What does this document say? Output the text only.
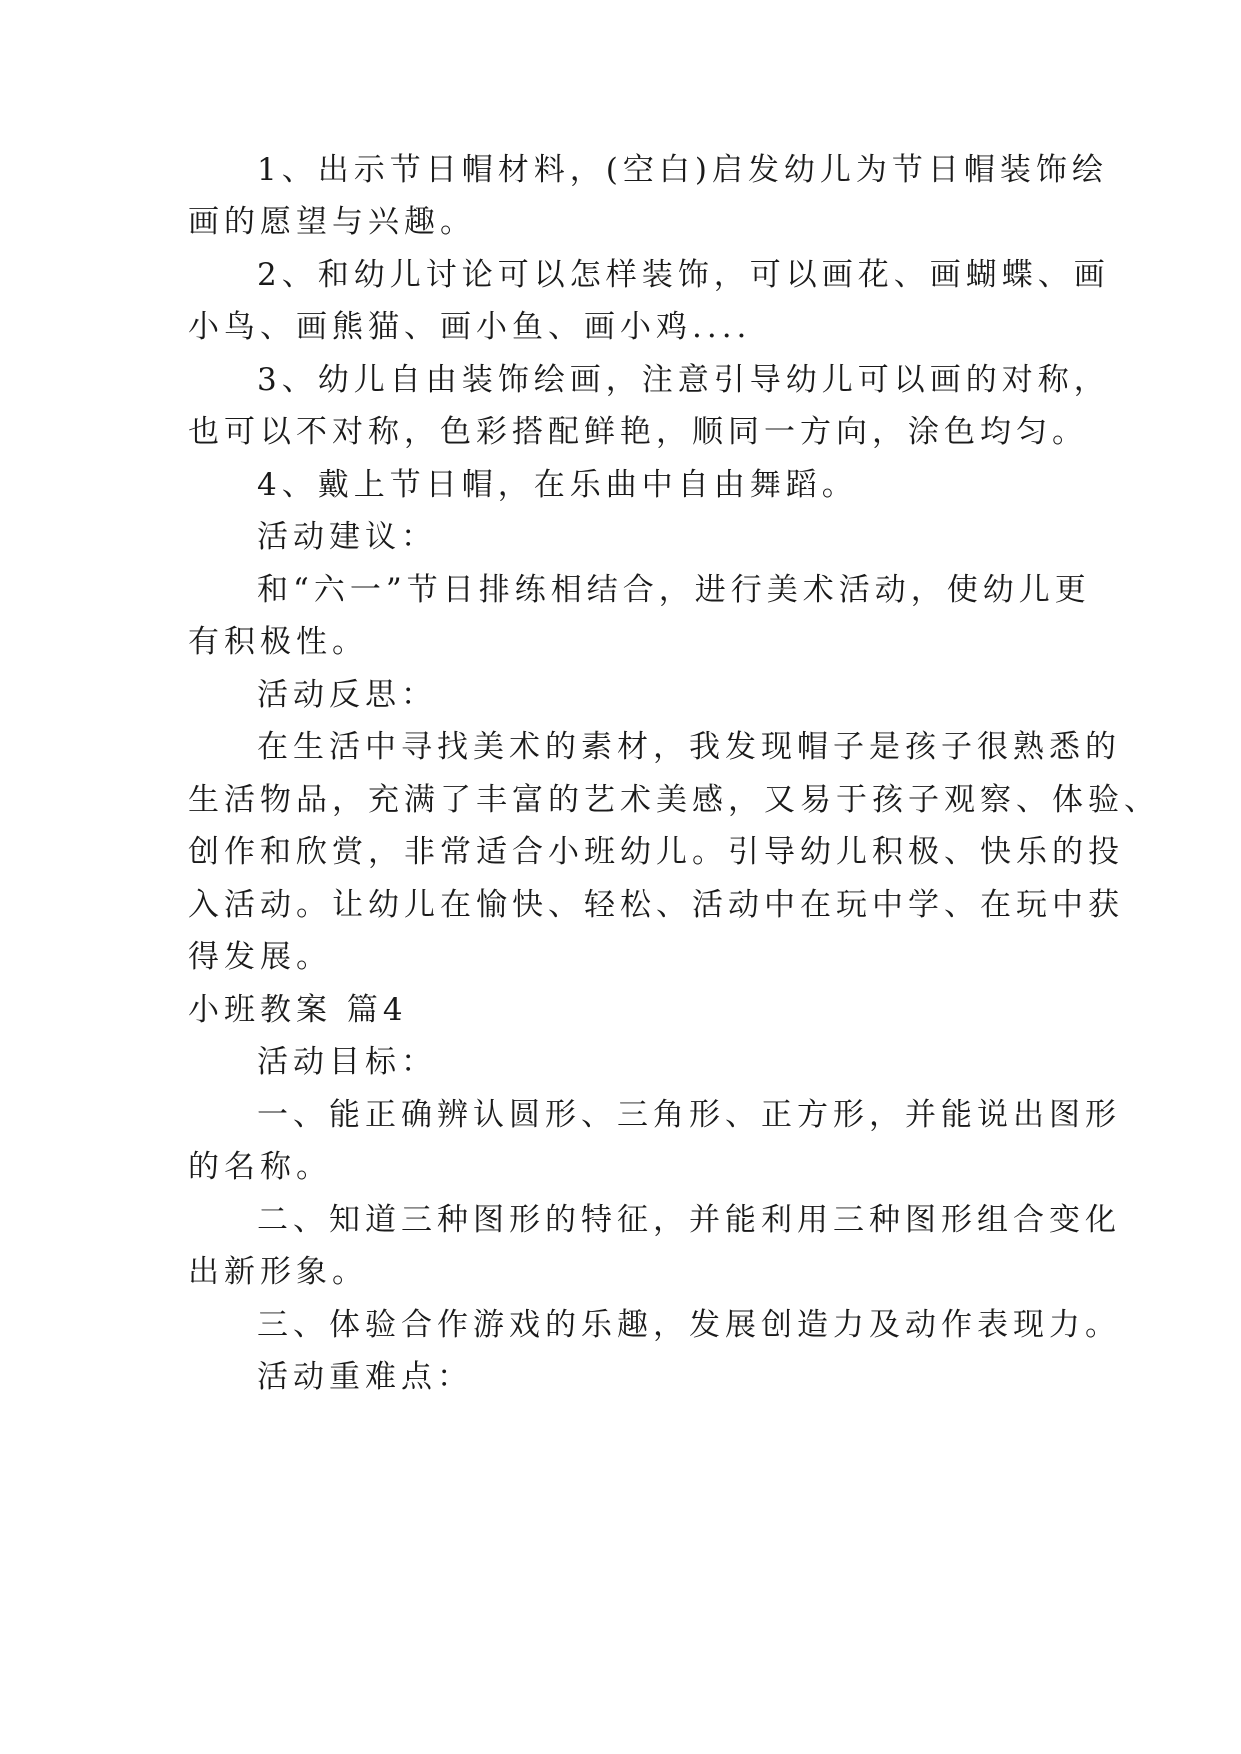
1、出示节日帽材料，(空白)启发幼儿为节日帽装饰绘
画的愿望与兴趣。
2、和幼儿讨论可以怎样装饰，可以画花、画蝴蝶、画
小鸟、画熊猫、画小鱼、画小鸡....
3、幼儿自由装饰绘画，注意引导幼儿可以画的对称，
也可以不对称，色彩搭配鲜艳，顺同一方向，涂色均匀。
4、戴上节日帽，在乐曲中自由舞蹈。
活动建议：
和“六一”节日排练相结合，进行美术活动，使幼儿更
有积极性。
活动反思：
在生活中寻找美术的素材，我发现帽子是孩子很熟悉的
生活物品，充满了丰富的艺术美感，又易于孩子观察、体验、
创作和欣赏，非常适合小班幼儿。引导幼儿积极、快乐的投
入活动。让幼儿在愉快、轻松、活动中在玩中学、在玩中获
得发展。
小班教案 篇4
活动目标：
一、能正确辨认圆形、三角形、正方形，并能说出图形
的名称。
二、知道三种图形的特征，并能利用三种图形组合变化
出新形象。
三、体验合作游戏的乐趣，发展创造力及动作表现力。
活动重难点：
